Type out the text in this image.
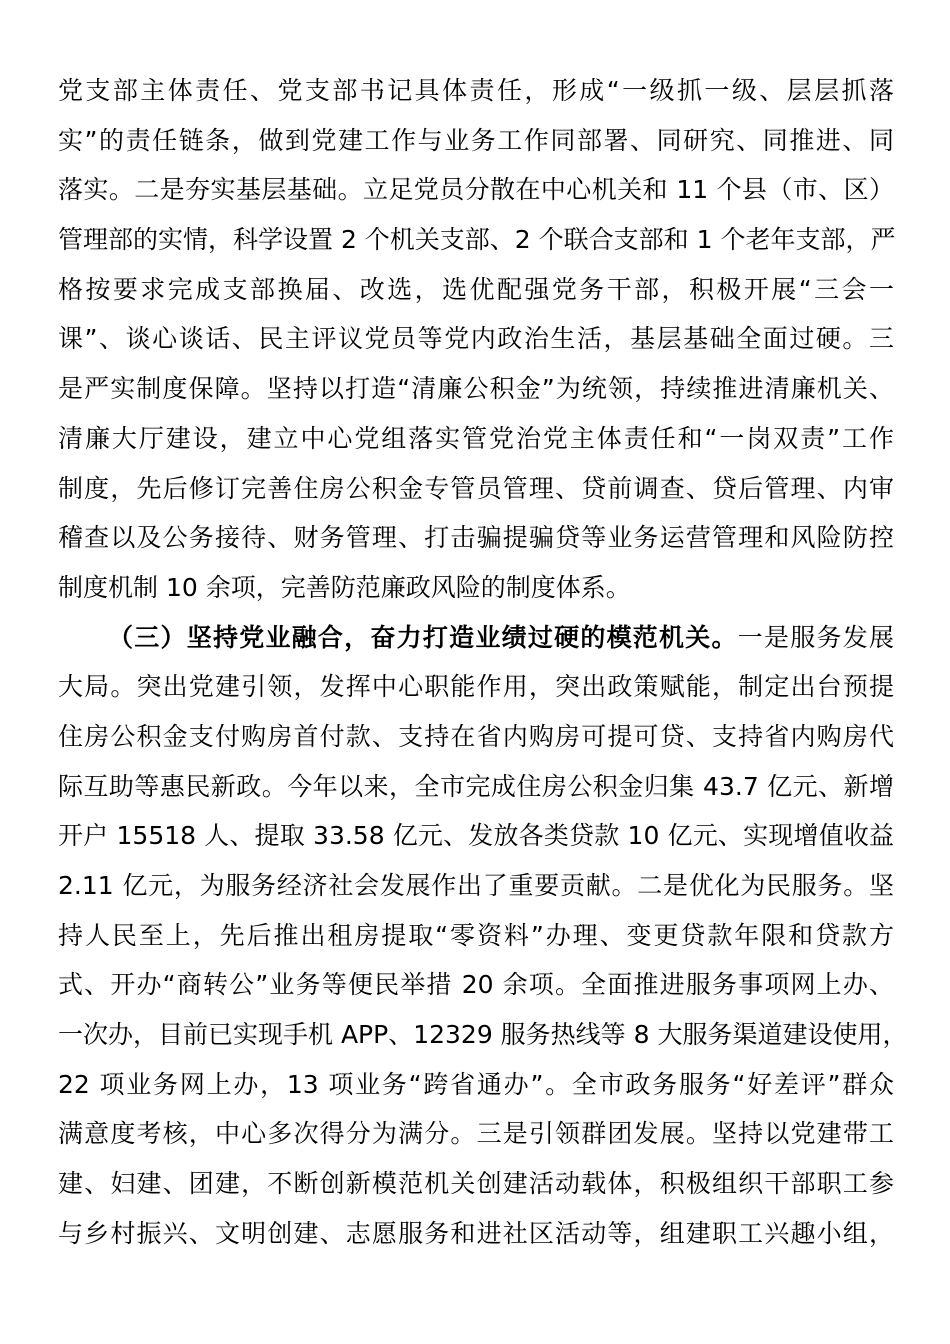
党支部主体责任、党支部书记具体责任，形成“一级抓一级、层层抓落
实”的责任链条，做到党建工作与业务工作同部署、同研究、同推进、同
落实。二是夯实基层基础。立足党员分散在中心机关和 11 个县（市、区）
管理部的实情，科学设置 2 个机关支部、2 个联合支部和 1 个老年支部，严
格按要求完成支部换届、改选，选优配强党务干部，积极开展“三会一
课”、谈心谈话、民主评议党员等党内政治生活，基层基础全面过硬。三
是严实制度保障。坚持以打造“清廉公积金”为统领，持续推进清廉机关、
清廉大厅建设，建立中心党组落实管党治党主体责任和“一岗双责”工作
制度，先后修订完善住房公积金专管员管理、贷前调查、贷后管理、内审
稽查以及公务接待、财务管理、打击骗提骗贷等业务运营管理和风险防控
制度机制 10 余项，完善防范廉政风险的制度体系。
（三）坚持党业融合，奋力打造业绩过硬的模范机关。一是服务发展
大局。突出党建引领，发挥中心职能作用，突出政策赋能，制定出台预提
住房公积金支付购房首付款、支持在省内购房可提可贷、支持省内购房代
际互助等惠民新政。今年以来，全市完成住房公积金归集 43.7 亿元、新增
开户 15518 人、提取 33.58 亿元、发放各类贷款 10 亿元、实现增值收益
2.11 亿元，为服务经济社会发展作出了重要贡献。二是优化为民服务。坚
持人民至上，先后推出租房提取“零资料”办理、变更贷款年限和贷款方
式、开办“商转公”业务等便民举措 20 余项。全面推进服务事项网上办、
一次办，目前已实现手机 APP、12329 服务热线等 8 大服务渠道建设使用，
22 项业务网上办，13 项业务“跨省通办”。全市政务服务“好差评”群众
满意度考核，中心多次得分为满分。三是引领群团发展。坚持以党建带工
建、妇建、团建，不断创新模范机关创建活动载体，积极组织干部职工参
与乡村振兴、文明创建、志愿服务和进社区活动等，组建职工兴趣小组，
